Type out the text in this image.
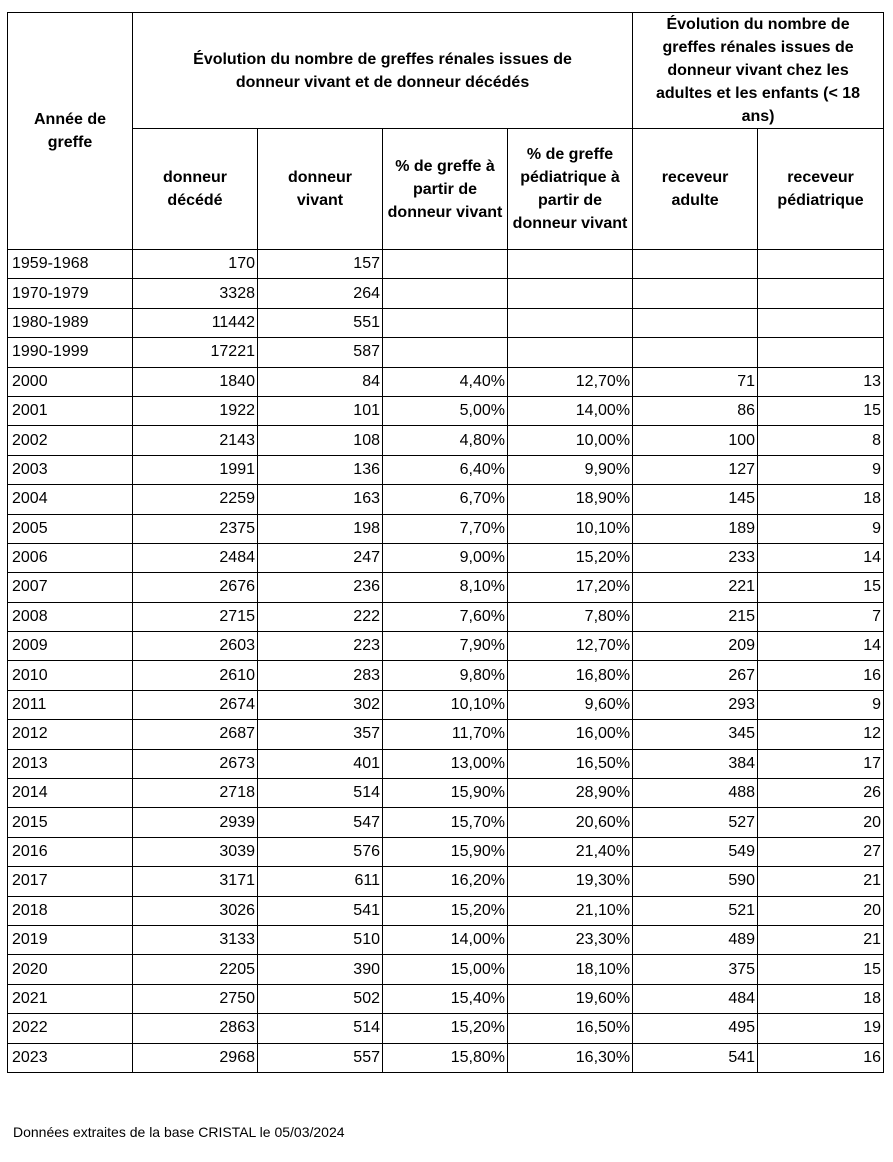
Année de greffe	Évolution du nombre de greffes rénales issues de donneur vivant et de donneur décédés				Évolution du nombre de greffes rénales issues de donneur vivant chez les adultes et les enfants (< 18 ans)	
	donneur décédé	donneur vivant	% de greffe à partir de donneur vivant	% de greffe pédiatrique à partir de donneur vivant	receveur adulte	receveur pédiatrique
1959-1968	170	157				
1970-1979	3328	264				
1980-1989	11442	551				
1990-1999	17221	587				
2000	1840	84	4,40%	12,70%	71	13
2001	1922	101	5,00%	14,00%	86	15
2002	2143	108	4,80%	10,00%	100	8
2003	1991	136	6,40%	9,90%	127	9
2004	2259	163	6,70%	18,90%	145	18
2005	2375	198	7,70%	10,10%	189	9
2006	2484	247	9,00%	15,20%	233	14
2007	2676	236	8,10%	17,20%	221	15
2008	2715	222	7,60%	7,80%	215	7
2009	2603	223	7,90%	12,70%	209	14
2010	2610	283	9,80%	16,80%	267	16
2011	2674	302	10,10%	9,60%	293	9
2012	2687	357	11,70%	16,00%	345	12
2013	2673	401	13,00%	16,50%	384	17
2014	2718	514	15,90%	28,90%	488	26
2015	2939	547	15,70%	20,60%	527	20
2016	3039	576	15,90%	21,40%	549	27
2017	3171	611	16,20%	19,30%	590	21
2018	3026	541	15,20%	21,10%	521	20
2019	3133	510	14,00%	23,30%	489	21
2020	2205	390	15,00%	18,10%	375	15
2021	2750	502	15,40%	19,60%	484	18
2022	2863	514	15,20%	16,50%	495	19
2023	2968	557	15,80%	16,30%	541	16
Données extraites de la base CRISTAL le 05/03/2024
